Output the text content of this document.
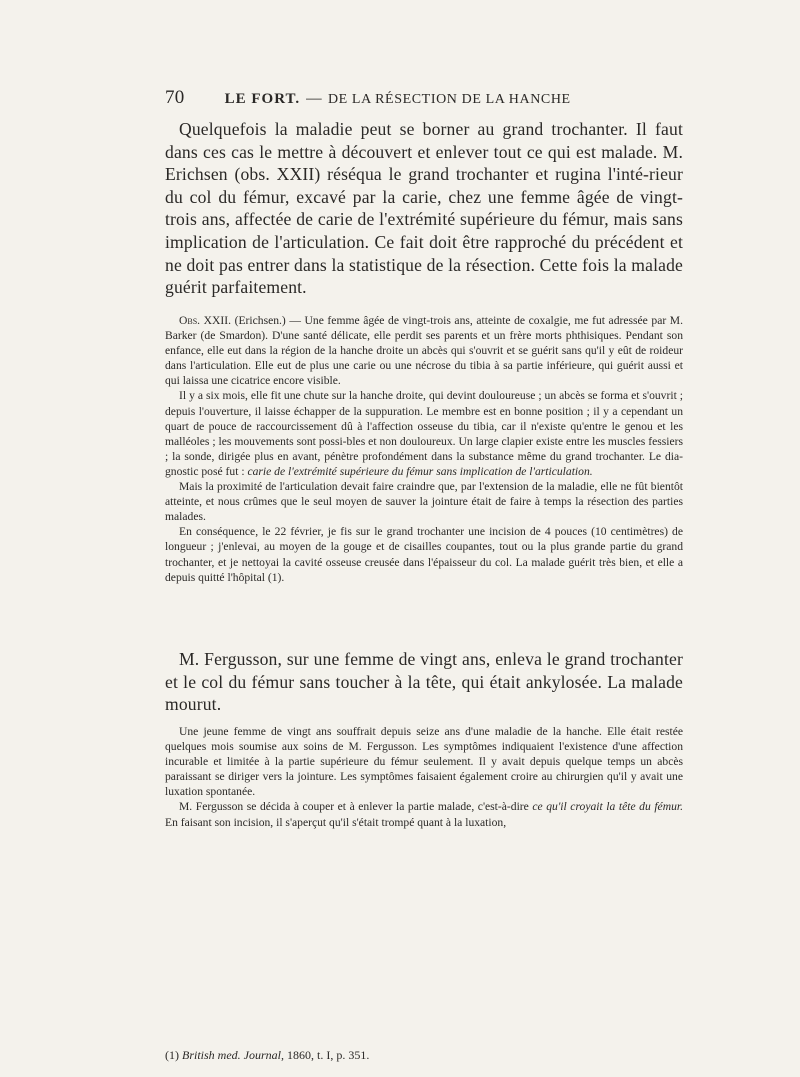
70	LE FORT. — DE LA RÉSECTION DE LA HANCHE

Quelquefois la maladie peut se borner au grand trochanter. Il faut dans ces cas le mettre à découvert et enlever tout ce qui est malade. M. Erichsen (obs. XXII) réséqua le grand trochanter et rugina l'inté-rieur du col du fémur, excavé par la carie, chez une femme âgée de vingt-trois ans, affectée de carie de l'extrémité supérieure du fémur, mais sans implication de l'articulation. Ce fait doit être rapproché du précédent et ne doit pas entrer dans la statistique de la résection. Cette fois la malade guérit parfaitement.

Obs. XXII. (Erichsen.) — Une femme âgée de vingt-trois ans, atteinte de coxalgie, me fut adressée par M. Barker (de Smardon). D'une santé délicate, elle perdit ses parents et un frère morts phthisiques. Pendant son enfance, elle eut dans la région de la hanche droite un abcès qui s'ouvrit et se guérit sans qu'il y eût de roideur dans l'articulation. Elle eut de plus une carie ou une nécrose du tibia à sa partie inférieure, qui guérit aussi et qui laissa une cicatrice encore visible.

Il y a six mois, elle fit une chute sur la hanche droite, qui devint douloureuse ; un abcès se forma et s'ouvrit ; depuis l'ouverture, il laisse échapper de la suppuration. Le membre est en bonne position ; il y a cependant un quart de pouce de raccourcissement dû à l'affection osseuse du tibia, car il n'existe qu'entre le genou et les malléoles ; les mouvements sont possi-bles et non douloureux. Un large clapier existe entre les muscles fessiers ; la sonde, dirigée plus en avant, pénètre profondément dans la substance même du grand trochanter. Le dia-gnostic posé fut : carie de l'extrémité supérieure du fémur sans implication de l'articulation.

Mais la proximité de l'articulation devait faire craindre que, par l'extension de la maladie, elle ne fût bientôt atteinte, et nous crûmes que le seul moyen de sauver la jointure était de faire à temps la résection des parties malades.

En conséquence, le 22 février, je fis sur le grand trochanter une incision de 4 pouces (10 centimètres) de longueur ; j'enlevai, au moyen de la gouge et de cisailles coupantes, tout ou la plus grande partie du grand trochanter, et je nettoyai la cavité osseuse creusée dans l'épaisseur du col. La malade guérit très bien, et elle a depuis quitté l'hôpital (1).

M. Fergusson, sur une femme de vingt ans, enleva le grand trochanter et le col du fémur sans toucher à la tête, qui était ankylosée. La malade mourut.

Une jeune femme de vingt ans souffrait depuis seize ans d'une maladie de la hanche. Elle était restée quelques mois soumise aux soins de M. Fergusson. Les symptômes indiquaient l'existence d'une affection incurable et limitée à la partie supérieure du fémur seulement. Il y avait depuis quelque temps un abcès paraissant se diriger vers la jointure. Les symptômes faisaient également croire au chirurgien qu'il y avait une luxation spontanée.

M. Fergusson se décida à couper et à enlever la partie malade, c'est-à-dire ce qu'il croyait la tête du fémur. En faisant son incision, il s'aperçut qu'il s'était trompé quant à la luxation,

(1) British med. Journal, 1860, t. I, p. 351.
